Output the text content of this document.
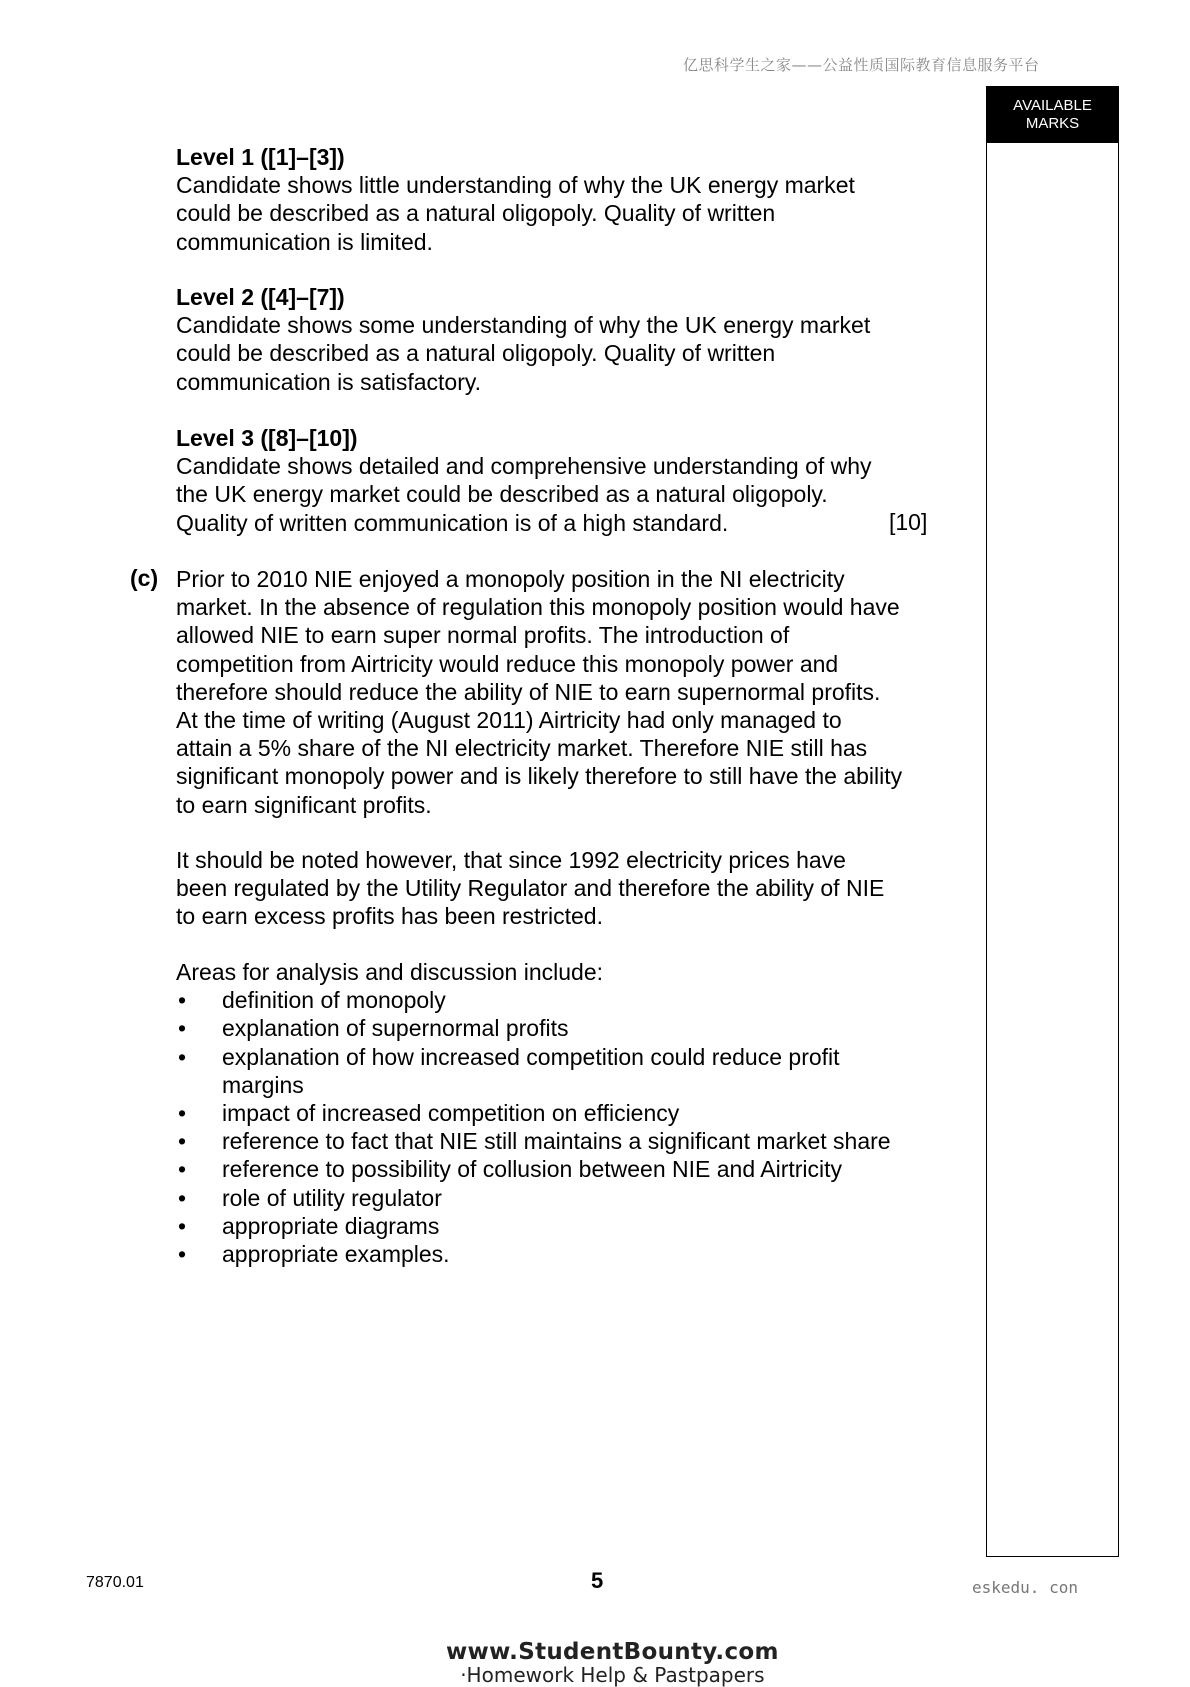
亿思科学生之家——公益性质国际教育信息服务平台
AVAILABLE
MARKS
Level 1 ([1]–[3])

Candidate shows little understanding of why the UK energy market

could be described as a natural oligopoly. Quality of written

communication is limited.

Level 2 ([4]–[7])

Candidate shows some understanding of why the UK energy market

could be described as a natural oligopoly. Quality of written

communication is satisfactory.

Level 3 ([8]–[10])

Candidate shows detailed and comprehensive understanding of why

the UK energy market could be described as a natural oligopoly.

Quality of written communication is of a high standard.	[10]
(c) Prior to 2010 NIE enjoyed a monopoly position in the NI electricity

market. In the absence of regulation this monopoly position would have

allowed NIE to earn super normal profits. The introduction of

competition from Airtricity would reduce this monopoly power and

therefore should reduce the ability of NIE to earn supernormal profits.

At the time of writing (August 2011) Airtricity had only managed to

attain a 5% share of the NI electricity market. Therefore NIE still has

significant monopoly power and is likely therefore to still have the ability

to earn significant profits.

It should be noted however, that since 1992 electricity prices have

been regulated by the Utility Regulator and therefore the ability of NIE

to earn excess profits has been restricted.

Areas for analysis and discussion include:

• definition of monopoly
• explanation of supernormal profits
• explanation of how increased competition could reduce profit margins
• impact of increased competition on efficiency
• reference to fact that NIE still maintains a significant market share
• reference to possibility of collusion between NIE and Airtricity
• role of utility regulator
• appropriate diagrams
• appropriate examples.
7870.01	5	eskedu. con
www.StudentBounty.com
·Homework Help & Pastpapers
